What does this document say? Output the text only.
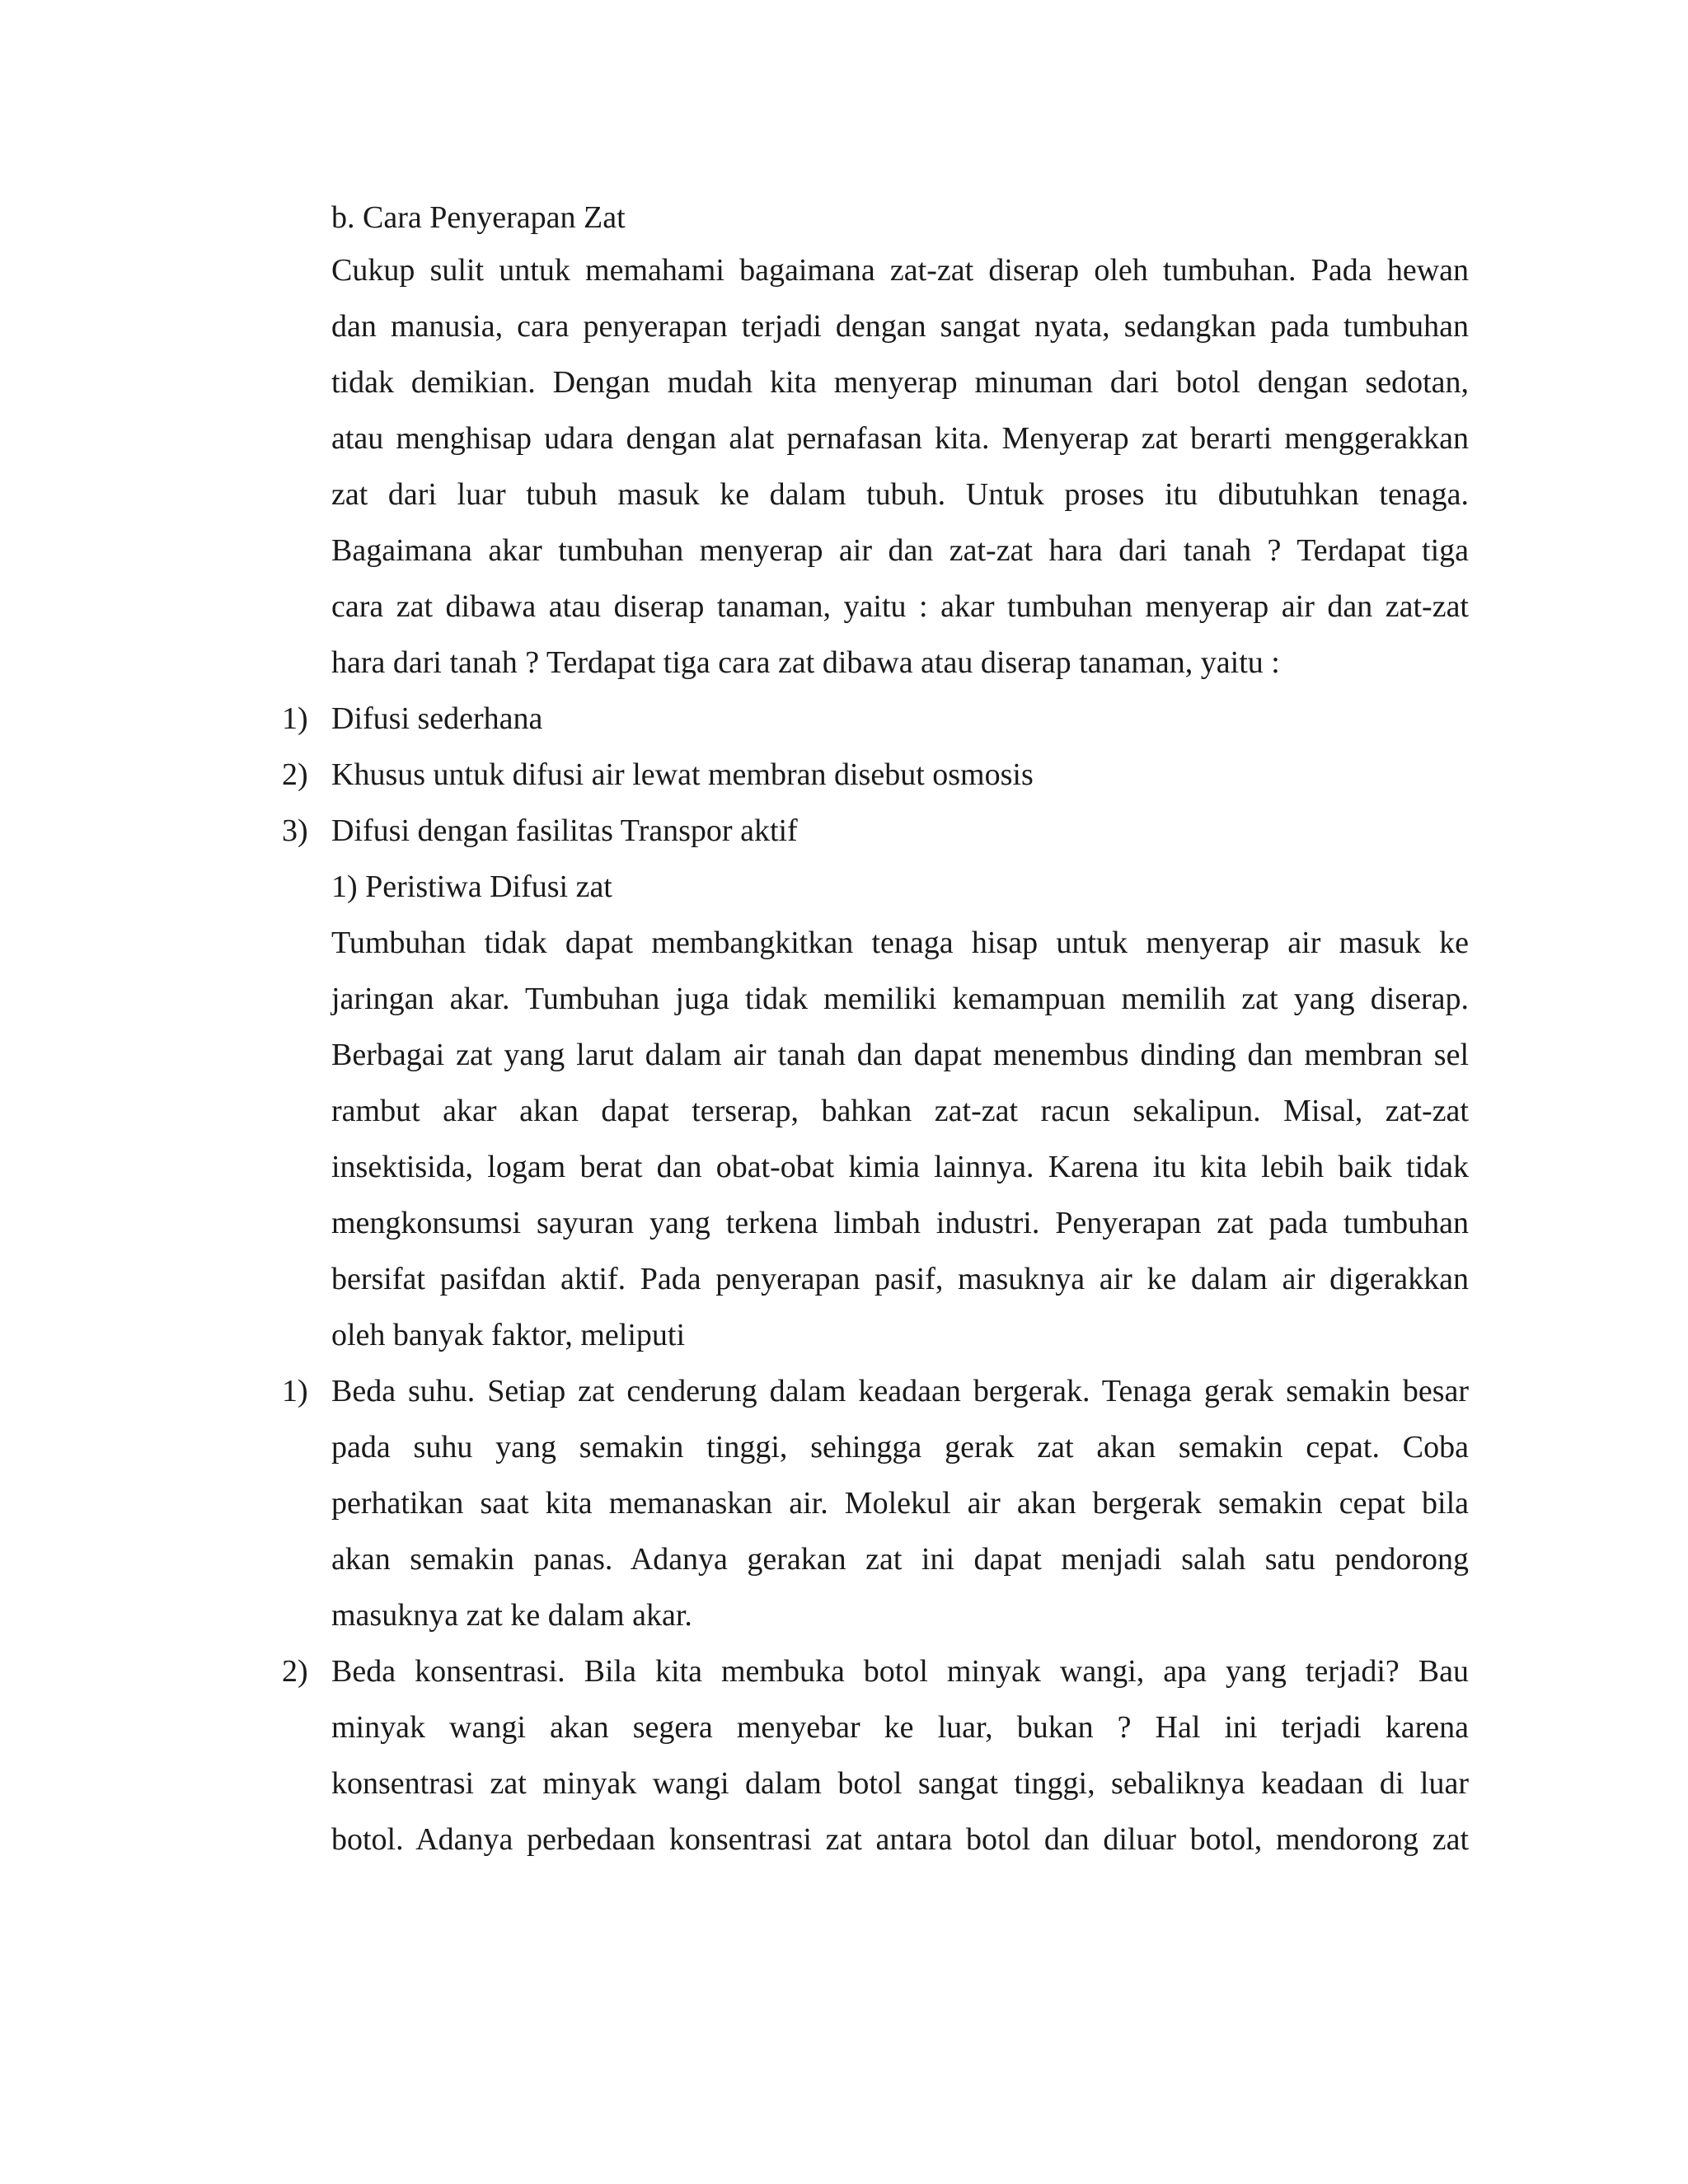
b. Cara Penyerapan Zat
Cukup sulit untuk memahami bagaimana zat-zat diserap oleh tumbuhan. Pada hewan
dan manusia, cara penyerapan terjadi dengan sangat nyata, sedangkan pada tumbuhan
tidak demikian. Dengan mudah kita menyerap minuman dari botol dengan sedotan,
atau menghisap udara dengan alat pernafasan kita. Menyerap zat berarti menggerakkan
zat dari luar tubuh masuk ke dalam tubuh. Untuk proses itu dibutuhkan tenaga.
Bagaimana akar tumbuhan menyerap air dan zat-zat hara dari tanah ? Terdapat tiga
cara zat dibawa atau diserap tanaman, yaitu : akar tumbuhan menyerap air dan zat-zat
hara dari tanah ? Terdapat tiga cara zat dibawa atau diserap tanaman, yaitu :
1) Difusi sederhana
2) Khusus untuk difusi air lewat membran disebut osmosis
3) Difusi dengan fasilitas Transpor aktif
1) Peristiwa Difusi zat
Tumbuhan tidak dapat membangkitkan tenaga hisap untuk menyerap air masuk ke
jaringan akar. Tumbuhan juga tidak memiliki kemampuan memilih zat yang diserap.
Berbagai zat yang larut dalam air tanah dan dapat menembus dinding dan membran sel
rambut akar akan dapat terserap, bahkan zat-zat racun sekalipun. Misal, zat-zat
insektisida, logam berat dan obat-obat kimia lainnya. Karena itu kita lebih baik tidak
mengkonsumsi sayuran yang terkena limbah industri. Penyerapan zat pada tumbuhan
bersifat pasifdan aktif. Pada penyerapan pasif, masuknya air ke dalam air digerakkan
oleh banyak faktor, meliputi
1) Beda suhu. Setiap zat cenderung dalam keadaan bergerak. Tenaga gerak semakin besar
pada suhu yang semakin tinggi, sehingga gerak zat akan semakin cepat. Coba
perhatikan saat kita memanaskan air. Molekul air akan bergerak semakin cepat bila
akan semakin panas. Adanya gerakan zat ini dapat menjadi salah satu pendorong
masuknya zat ke dalam akar.
2) Beda konsentrasi. Bila kita membuka botol minyak wangi, apa yang terjadi? Bau
minyak wangi akan segera menyebar ke luar, bukan ? Hal ini terjadi karena
konsentrasi zat minyak wangi dalam botol sangat tinggi, sebaliknya keadaan di luar
botol. Adanya perbedaan konsentrasi zat antara botol dan diluar botol, mendorong zat
